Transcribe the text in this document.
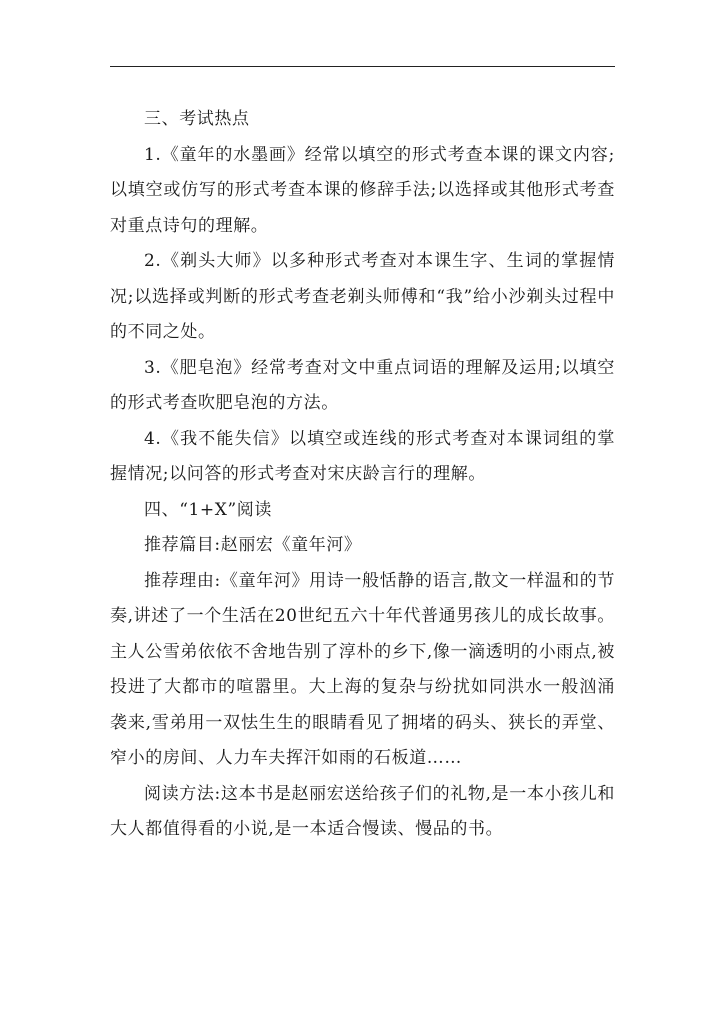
三、考试热点

1.《童年的水墨画》经常以填空的形式考查本课的课文内容;以填空或仿写的形式考查本课的修辞手法;以选择或其他形式考查对重点诗句的理解。

2.《剃头大师》以多种形式考查对本课生字、生词的掌握情况;以选择或判断的形式考查老剃头师傅和“我”给小沙剃头过程中的不同之处。

3.《肥皂泡》经常考查对文中重点词语的理解及运用;以填空的形式考查吹肥皂泡的方法。

4.《我不能失信》以填空或连线的形式考查对本课词组的掌握情况;以问答的形式考查对宋庆龄言行的理解。

四、“1+X”阅读

推荐篇目:赵丽宏《童年河》

推荐理由:《童年河》用诗一般恬静的语言,散文一样温和的节奏,讲述了一个生活在20世纪五六十年代普通男孩儿的成长故事。主人公雪弟依依不舍地告别了淳朴的乡下,像一滴透明的小雨点,被投进了大都市的喧嚣里。大上海的复杂与纷扰如同洪水一般汹涌袭来,雪弟用一双怯生生的眼睛看见了拥堵的码头、狭长的弄堂、窄小的房间、人力车夫挥汗如雨的石板道……

阅读方法:这本书是赵丽宏送给孩子们的礼物,是一本小孩儿和大人都值得看的小说,是一本适合慢读、慢品的书。
